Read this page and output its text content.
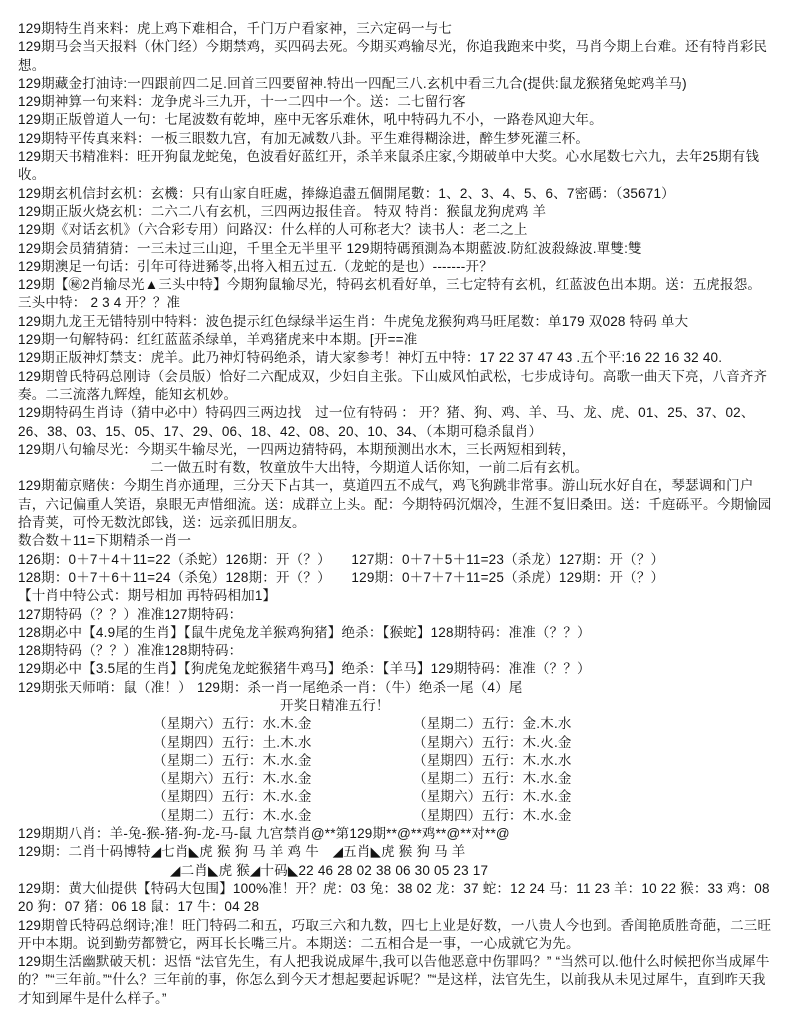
129期特生肖来料：虎上鸡下难相合，千门万户看家神，三六定码一与七
129期马会当天报料（休门经）今期禁鸡，买四码去死。今期买鸡输尽光，你追我跑来中奖，马肖今期上台难。还有特肖彩民想。
129期藏金打油诗:一四跟前四二足.回首三四要留神.特出一四配三八.玄机中看三九合(提供:鼠龙猴猪兔蛇鸡羊马)
129期神算一句来料：龙争虎斗三九开，十一二四中一个。送：二七留行客
129期正版曾道人一句：七尾波数有乾坤，座中无客乐难休，吼中特码九不小，一路卷风迎大年。
129期特平传真来料：一板三眼数九宫，有加无减数八卦。平生难得糊涂进，醉生梦死灌三杯。
129期天书精准料：旺开狗鼠龙蛇兔，色波看好蓝红开，杀羊来鼠杀庄家,今期破单中大奖。心水尾数七六九，去年25期有钱收。
129期玄机信封玄机：玄機：只有山家自旺處，捧綠追盡五個開尾數：1、2、3、4、5、6、7密碼：（35671）
129期正版火烧玄机：二六二八有玄机，三四两边报佳音。 特双 特肖：猴鼠龙狗虎鸡 羊
129期《对话玄机》（六合彩专用）问路汉：什么样的人可称老大？读书人：老二之上
129期会员猜猜猜：一三未过三山迎，千里全无半里平 129期特碼預測為本期藍波.防紅波殺綠波.單雙:雙
129期澳足一句话：引年可待进豨苓,出将入相五过五.（龙蛇的是也）-------开？
129期【㊙2肖输尽光▲三头中特】今期狗鼠输尽光，特码玄机看好单，三七定特有玄机，红蓝波色出本期。送：五虎报怨。三头中特： 2 3 4 开？？准
129期九龙王无错特别中特料：波色提示红色绿绿半运生肖：牛虎兔龙猴狗鸡马旺尾数：单179 双028 特码 单大
129期一句解特码：红红蓝蓝杀绿单，羊鸡猪虎来中本期。[开==准
129期正版神灯禁支：虎羊。此乃神灯特码绝杀，请大家参考！神灯五中特：17 22 37 47 43 .五个平:16 22 16 32 40.
129期曾氏特码总刚诗（会员版）恰好二六配成双，少妇自主张。下山威风怕武松，七步成诗句。高歌一曲天下亮，八音齐齐奏。二三流落九辉煌，能知玄机妙。
129期特码生肖诗（猜中必中）特码四三两边找　过一位有特码 ： 开？猪、狗、鸡、羊、马、龙、虎、01、25、37、02、26、38、03、15、05、17、29、06、18、42、08、20、10、34、（本期可稳杀鼠肖）
129期八句输尽光：今期买牛输尽光，一四两边猜特码，本期预测出水木，三长两短相到转，
二一做五时有数，牧童放牛大出特，今期道人话你知，一前二后有玄机。
129期葡京赌侠：今期生肖亦通理，三分天下占其一，莫道四五不成气，鸡飞狗跳非常事。游山玩水好自在，琴瑟调和门户吉，六记偏重人笑语，泉眼无声惜细流。送：成群立上头。配：今期特码沉烟冷，生涯不复旧桑田。送：千庭砾平。今期愉园拾青荚，可怜无数沈郎钱，送：远亲孤旧朋友。
数合数＋11=下期精杀一肖一
126期：0＋7＋4＋11=22（杀蛇）126期：开（？）　　127期：0＋7＋5＋11=23（杀龙）127期：开（？）
128期：0＋7＋6＋11=24（杀兔）128期：开（？）　　129期：0＋7＋7＋11=25（杀虎）129期：开（？）
【十肖中特公式：期号相加 再特码相加1】
127期特码（？？）准准127期特码：
128期必中【4.9尾的生肖】【鼠牛虎兔龙羊猴鸡狗猪】绝杀：【猴蛇】128期特码：准准（？？）
128期特码（？？）准准128期特码：
129期必中【3.5尾的生肖】【狗虎兔龙蛇猴猪牛鸡马】绝杀：【羊马】129期特码：准准（？？）
129期张天师哨：鼠（准！） 129期：杀一肖一尾绝杀一肖：（牛）绝杀一尾（4）尾
开奖日精准五行！
（星期六）五行：水.木.金	（星期二）五行：金.木.水
（星期四）五行：土.木.水	（星期六）五行：木.火.金
（星期二）五行：木.水.金	（星期四）五行：木.水.水
（星期六）五行：木.水.金	（星期二）五行：木.水.金
（星期四）五行：木.水.金	（星期六）五行：木.水.金
（星期二）五行：木.水.金	（星期四）五行：木.水.金
129期期八肖：羊-兔-猴-猪-狗-龙-马-鼠 九宫禁肖@**第129期**@**鸡**@**对**@
129期：二肖十码博特◢七肖◣虎 猴 狗 马 羊 鸡 牛　◢五肖◣虎 猴 狗 马 羊
◢二肖◣虎 猴◢十码◣22 46 28 02 38 06 30 05 23 17
129期：黄大仙提供【特码大包围】100%准！开？虎：03 兔：38 02 龙：37 蛇：12 24 马：11 23 羊：10 22 猴：33 鸡：08 20 狗：07 猪：06 18 鼠：17 牛：04 28
129期曾氏特码总纲诗;准！旺门特码二和五，巧取三六和九数，四七上业是好数，一八贵人今也到。香闺艳质胜奇葩，二三旺开中本期。说到勤劳都赞它，两耳长长嘴三片。本期送：二五相合是一事，一心成就它为先。
129期生活幽默破天机：迟悟 “法官先生，有人把我说成犀牛,我可以告他恶意中伤罪吗？” “当然可以.他什么时候把你当成犀牛的？”“三年前。”“什么？三年前的事，你怎么到今天才想起要起诉呢？”“是这样，法官先生，以前我从未见过犀牛，直到昨天我才知到犀牛是什么样子。”
